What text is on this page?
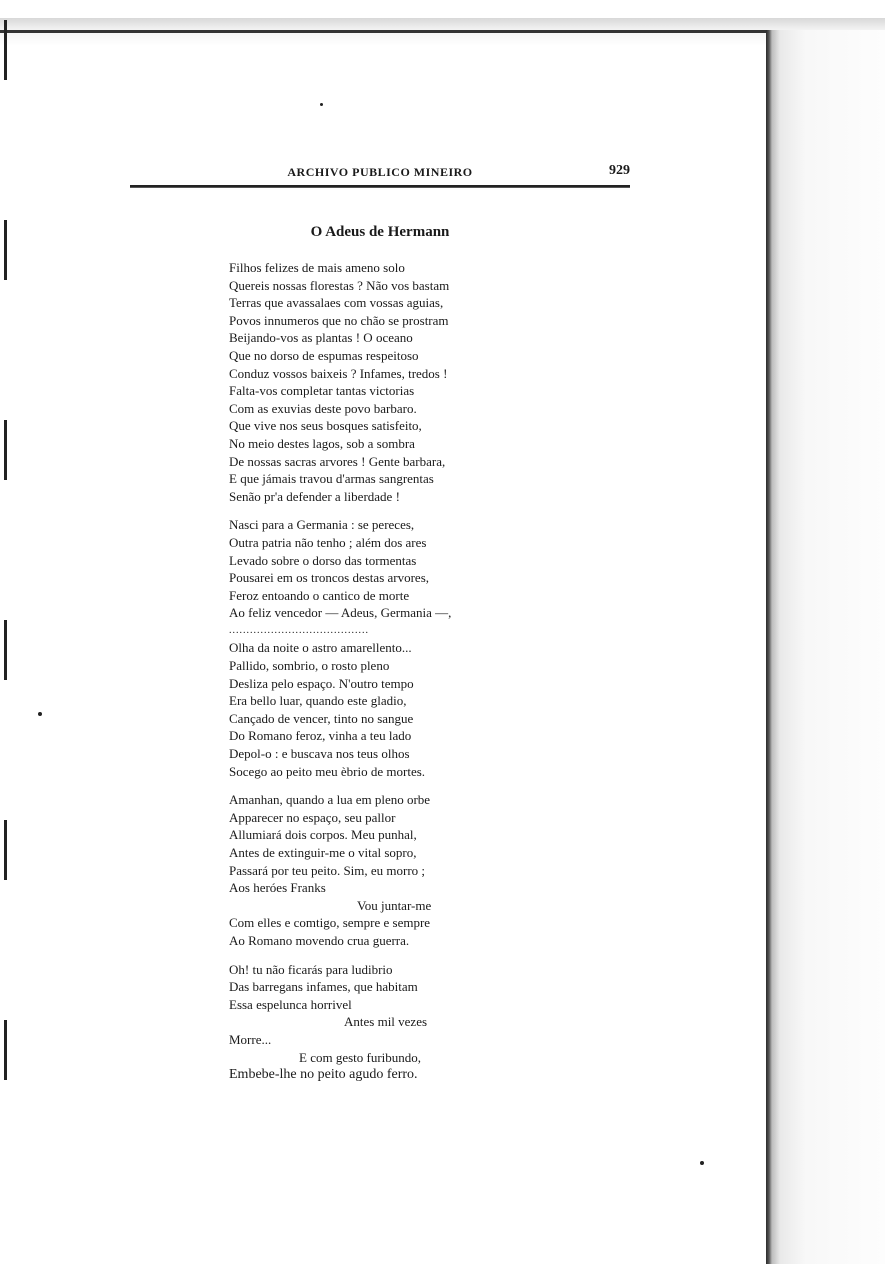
ARCHIVO PUBLICO MINEIRO	929
O Adeus de Hermann
Filhos felizes de mais ameno solo
Quereis nossas florestas ? Não vos bastam
Terras que avassalaes com vossas aguias,
Povos innumeros que no chão se prostram
Beijando-vos as plantas ! O oceano
Que no dorso de espumas respeitoso
Conduz vossos baixeis ? Infames, tredos !
Falta-vos completar tantas victorias
Com as exuvias deste povo barbaro.
Que vive nos seus bosques satisfeito,
No meio destes lagos, sob a sombra
De nossas sacras arvores ! Gente barbara,
E que jámais travou d'armas sangrentas
Senão pr'a defender a liberdade !
Nasci para a Germania : se pereces,
Outra patria não tenho ; além dos ares
Levado sobre o dorso das tormentas
Pousarei em os troncos destas arvores,
Feroz entoando o cantico de morte
Ao feliz vencedor — Adeus, Germania —,
........................................
Olha da noite o astro amarellento...
Pallido, sombrio, o rosto pleno
Desliza pelo espaço. N'outro tempo
Era bello luar, quando este gladio,
Cançado de vencer, tinto no sangue
Do Romano feroz, vinha a teu lado
Depol-o : e buscava nos teus olhos
Socego ao peito meu èbrio de mortes.
Amanhan, quando a lua em pleno orbe
Apparecer no espaço, seu pallor
Allumiará dois corpos. Meu punhal,
Antes de extinguir-me o vital sopro,
Passará por teu peito. Sim, eu morro ;
Aos heróes Franks
Vou juntar-me
Com elles e comtigo, sempre e sempre
Ao Romano movendo crua guerra.
Oh! tu não ficarás para ludibrio
Das barregans infames, que habitam
Essa espelunca horrivel
Antes mil vezes
Morre...
E com gesto furibundo,
Embebe-lhe no peito agudo ferro.
